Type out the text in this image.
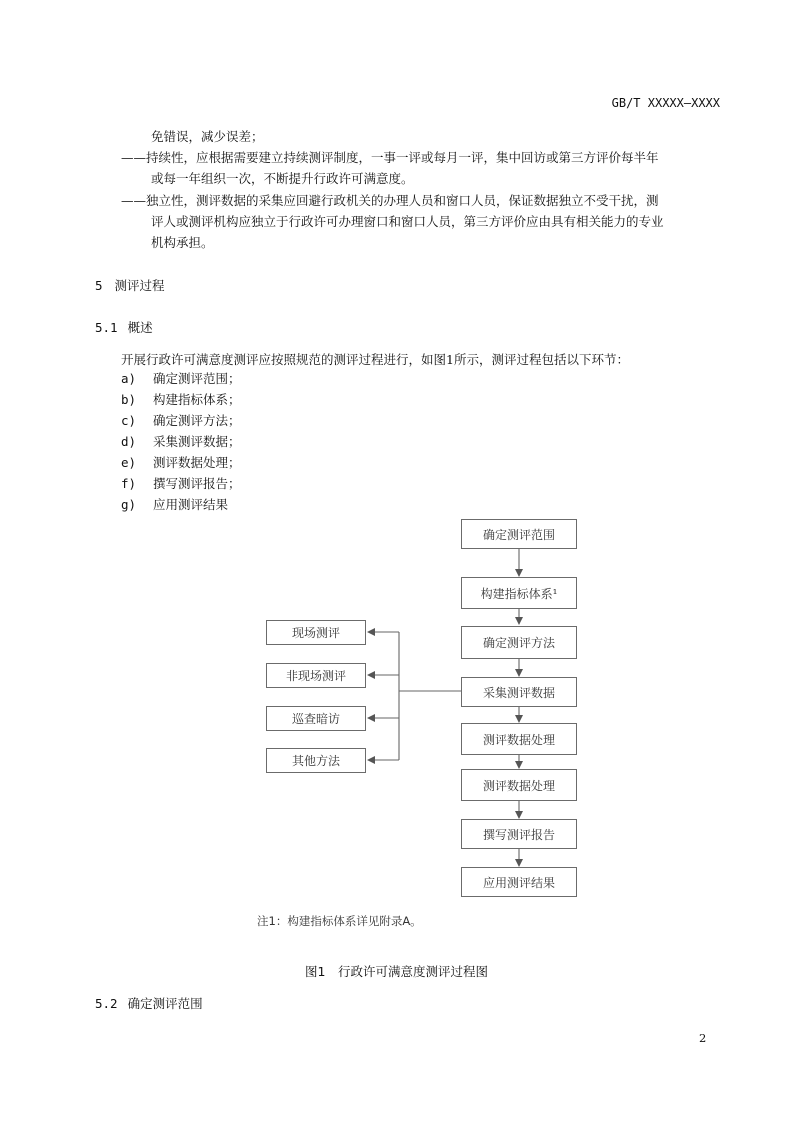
GB/T XXXXX—XXXX
免错误，减少误差；
——持续性，应根据需要建立持续测评制度，一事一评或每月一评，集中回访或第三方评价每半年
或每一年组织一次，不断提升行政许可满意度。
——独立性，测评数据的采集应回避行政机关的办理人员和窗口人员，保证数据独立不受干扰，测
评人或测评机构应独立于行政许可办理窗口和窗口人员，第三方评价应由具有相关能力的专业
机构承担。
5 测评过程
5.1 概述
开展行政许可满意度测评应按照规范的测评过程进行，如图1所示，测评过程包括以下环节：
a) 确定测评范围；
b) 构建指标体系；
c) 确定测评方法；
d) 采集测评数据；
e) 测评数据处理；
f) 撰写测评报告；
g) 应用测评结果
确定测评范围
构建指标体系¹
确定测评方法
采集测评数据
测评数据处理
测评数据处理
撰写测评报告
应用测评结果
现场测评
非现场测评
巡查暗访
其他方法
注1：构建指标体系详见附录A。
图1　行政许可满意度测评过程图
5.2 确定测评范围
2
